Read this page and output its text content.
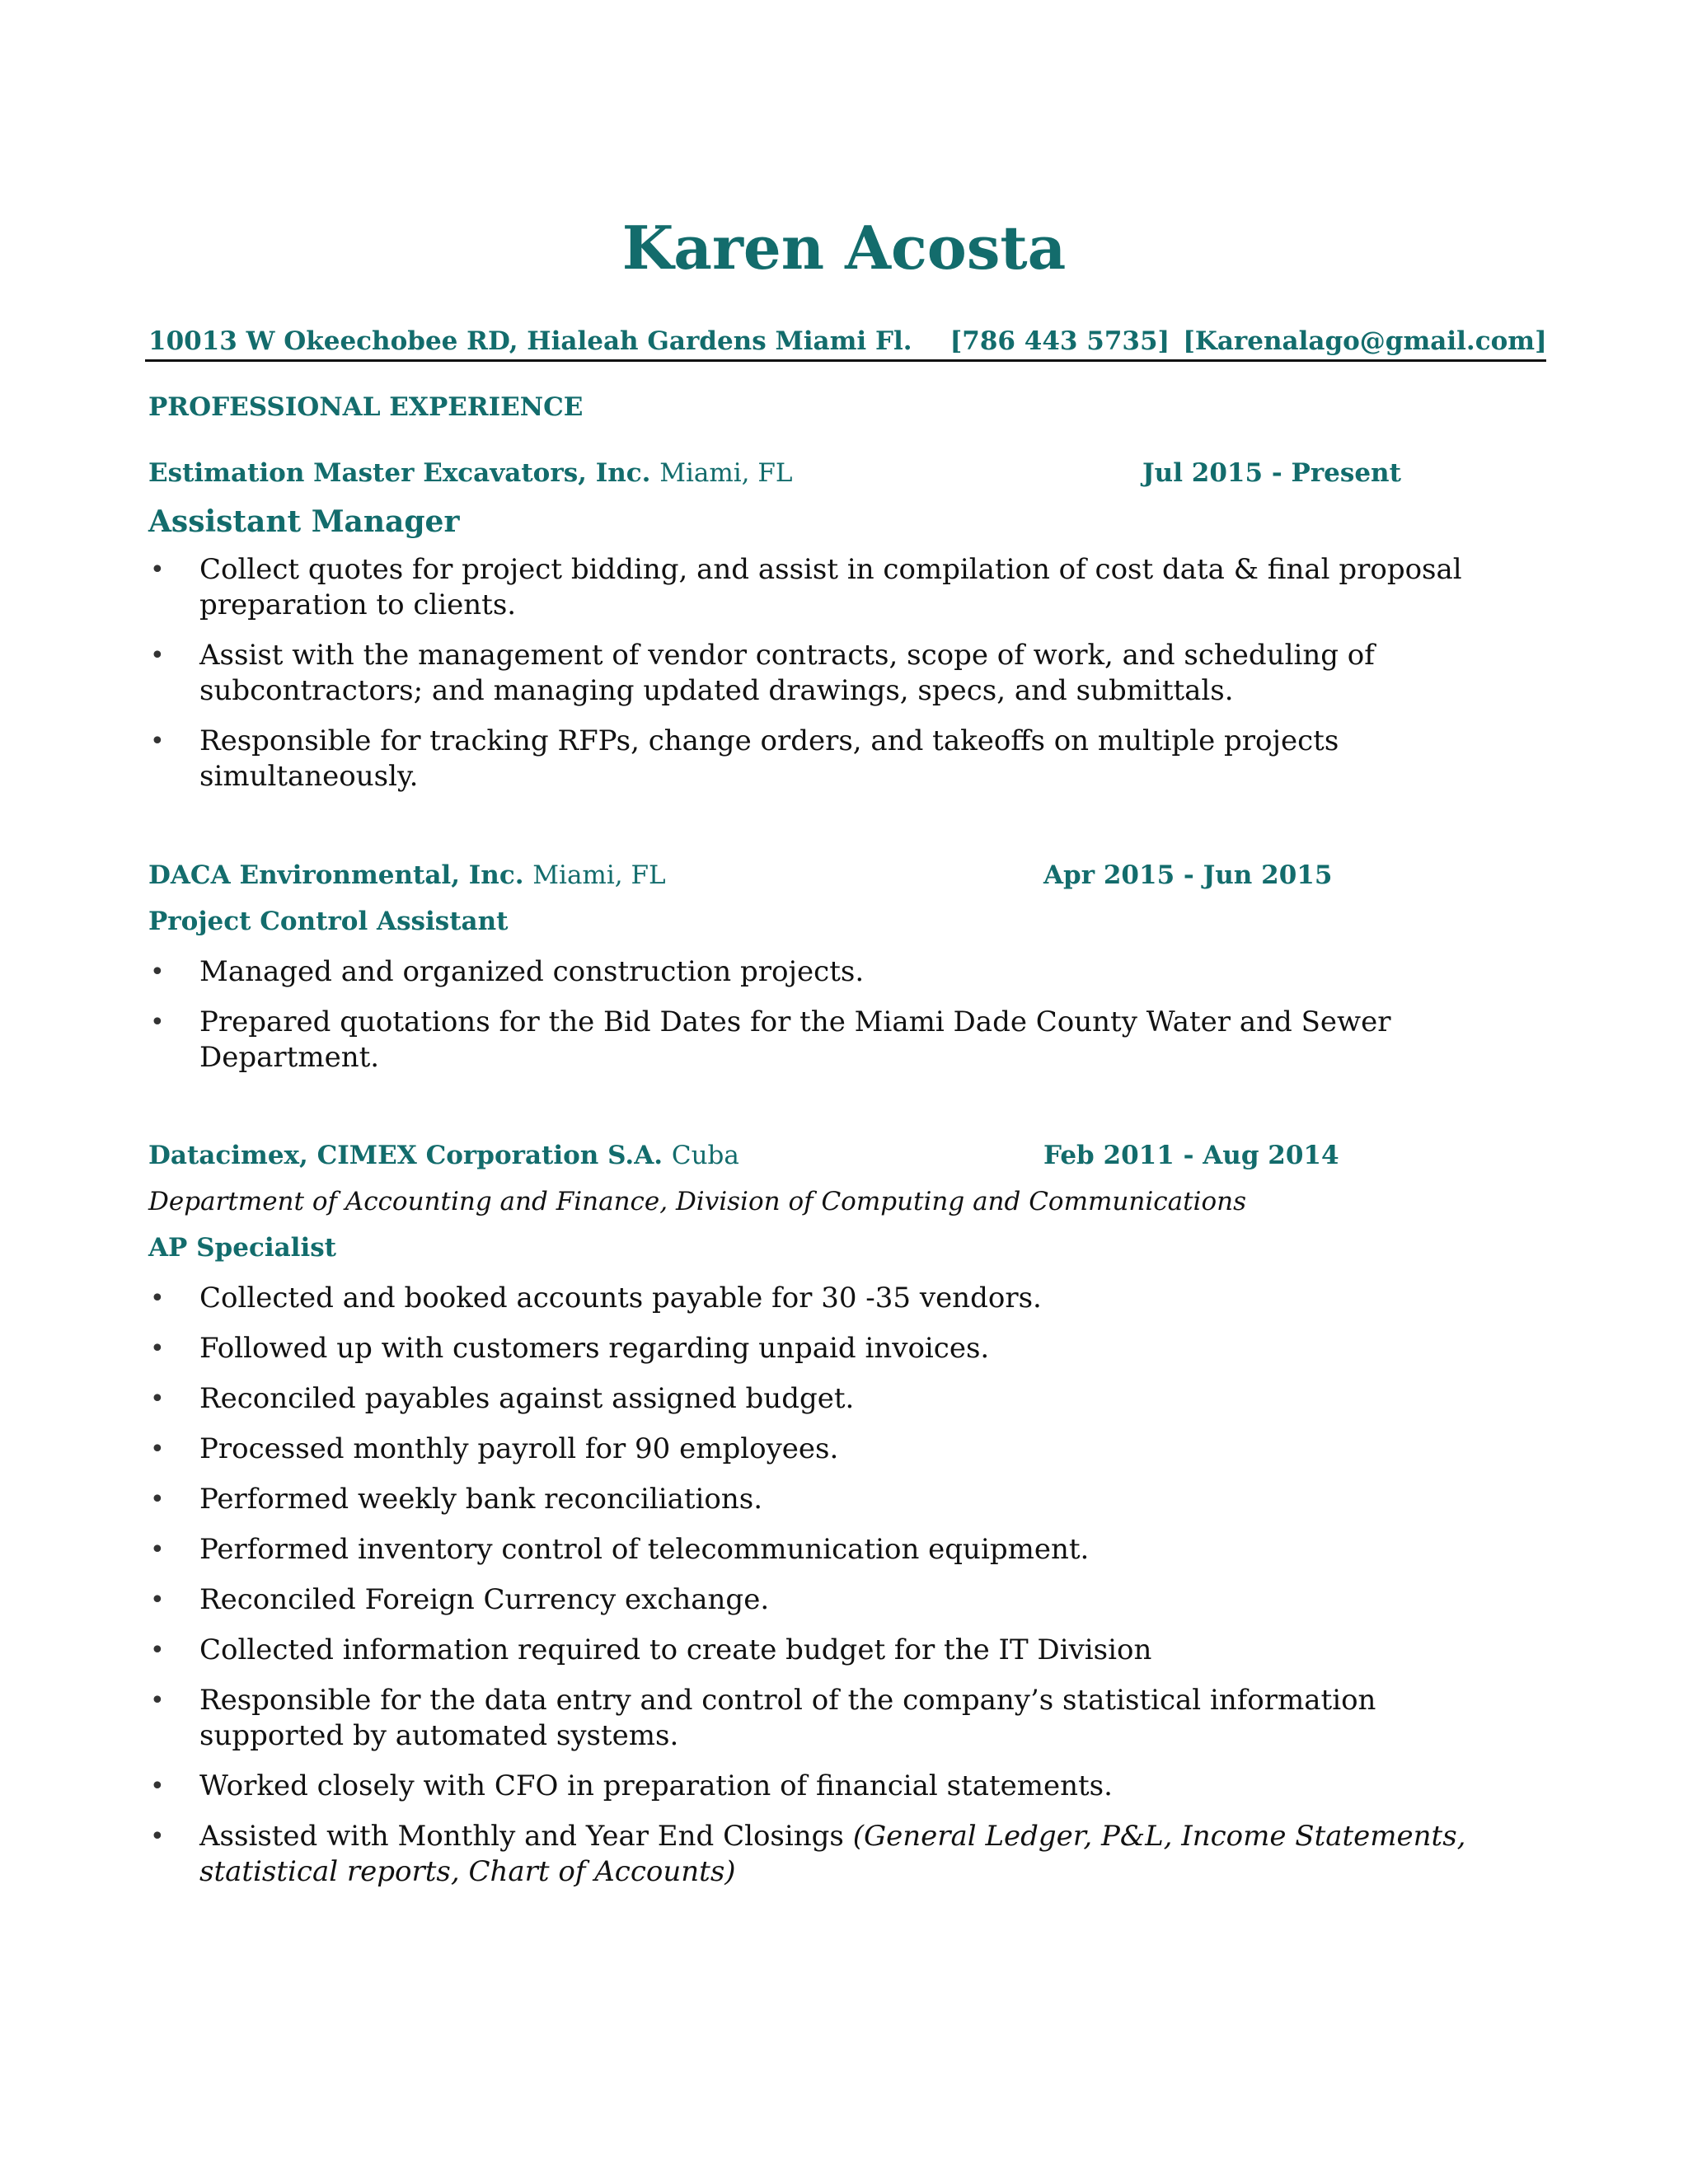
Karen Acosta
10013 W Okeechobee RD, Hialeah Gardens Miami Fl. [786 443 5735] [Karenalago@gmail.com]
PROFESSIONAL EXPERIENCE
Estimation Master Excavators, Inc. Miami, FL	Jul 2015 - Present
Assistant Manager
• Collect quotes for project bidding, and assist in compilation of cost data & final proposal preparation to clients.
• Assist with the management of vendor contracts, scope of work, and scheduling of subcontractors; and managing updated drawings, specs, and submittals.
• Responsible for tracking RFPs, change orders, and takeoffs on multiple projects simultaneously.
DACA Environmental, Inc. Miami, FL	Apr 2015 - Jun 2015
Project Control Assistant
• Managed and organized construction projects.
• Prepared quotations for the Bid Dates for the Miami Dade County Water and Sewer Department.
Datacimex, CIMEX Corporation S.A. Cuba	Feb 2011 - Aug 2014
Department of Accounting and Finance, Division of Computing and Communications
AP Specialist
• Collected and booked accounts payable for 30 -35 vendors.
• Followed up with customers regarding unpaid invoices.
• Reconciled payables against assigned budget.
• Processed monthly payroll for 90 employees.
• Performed weekly bank reconciliations.
• Performed inventory control of telecommunication equipment.
• Reconciled Foreign Currency exchange.
• Collected information required to create budget for the IT Division
• Responsible for the data entry and control of the company’s statistical information supported by automated systems.
• Worked closely with CFO in preparation of financial statements.
• Assisted with Monthly and Year End Closings (General Ledger, P&L, Income Statements, statistical reports, Chart of Accounts)
